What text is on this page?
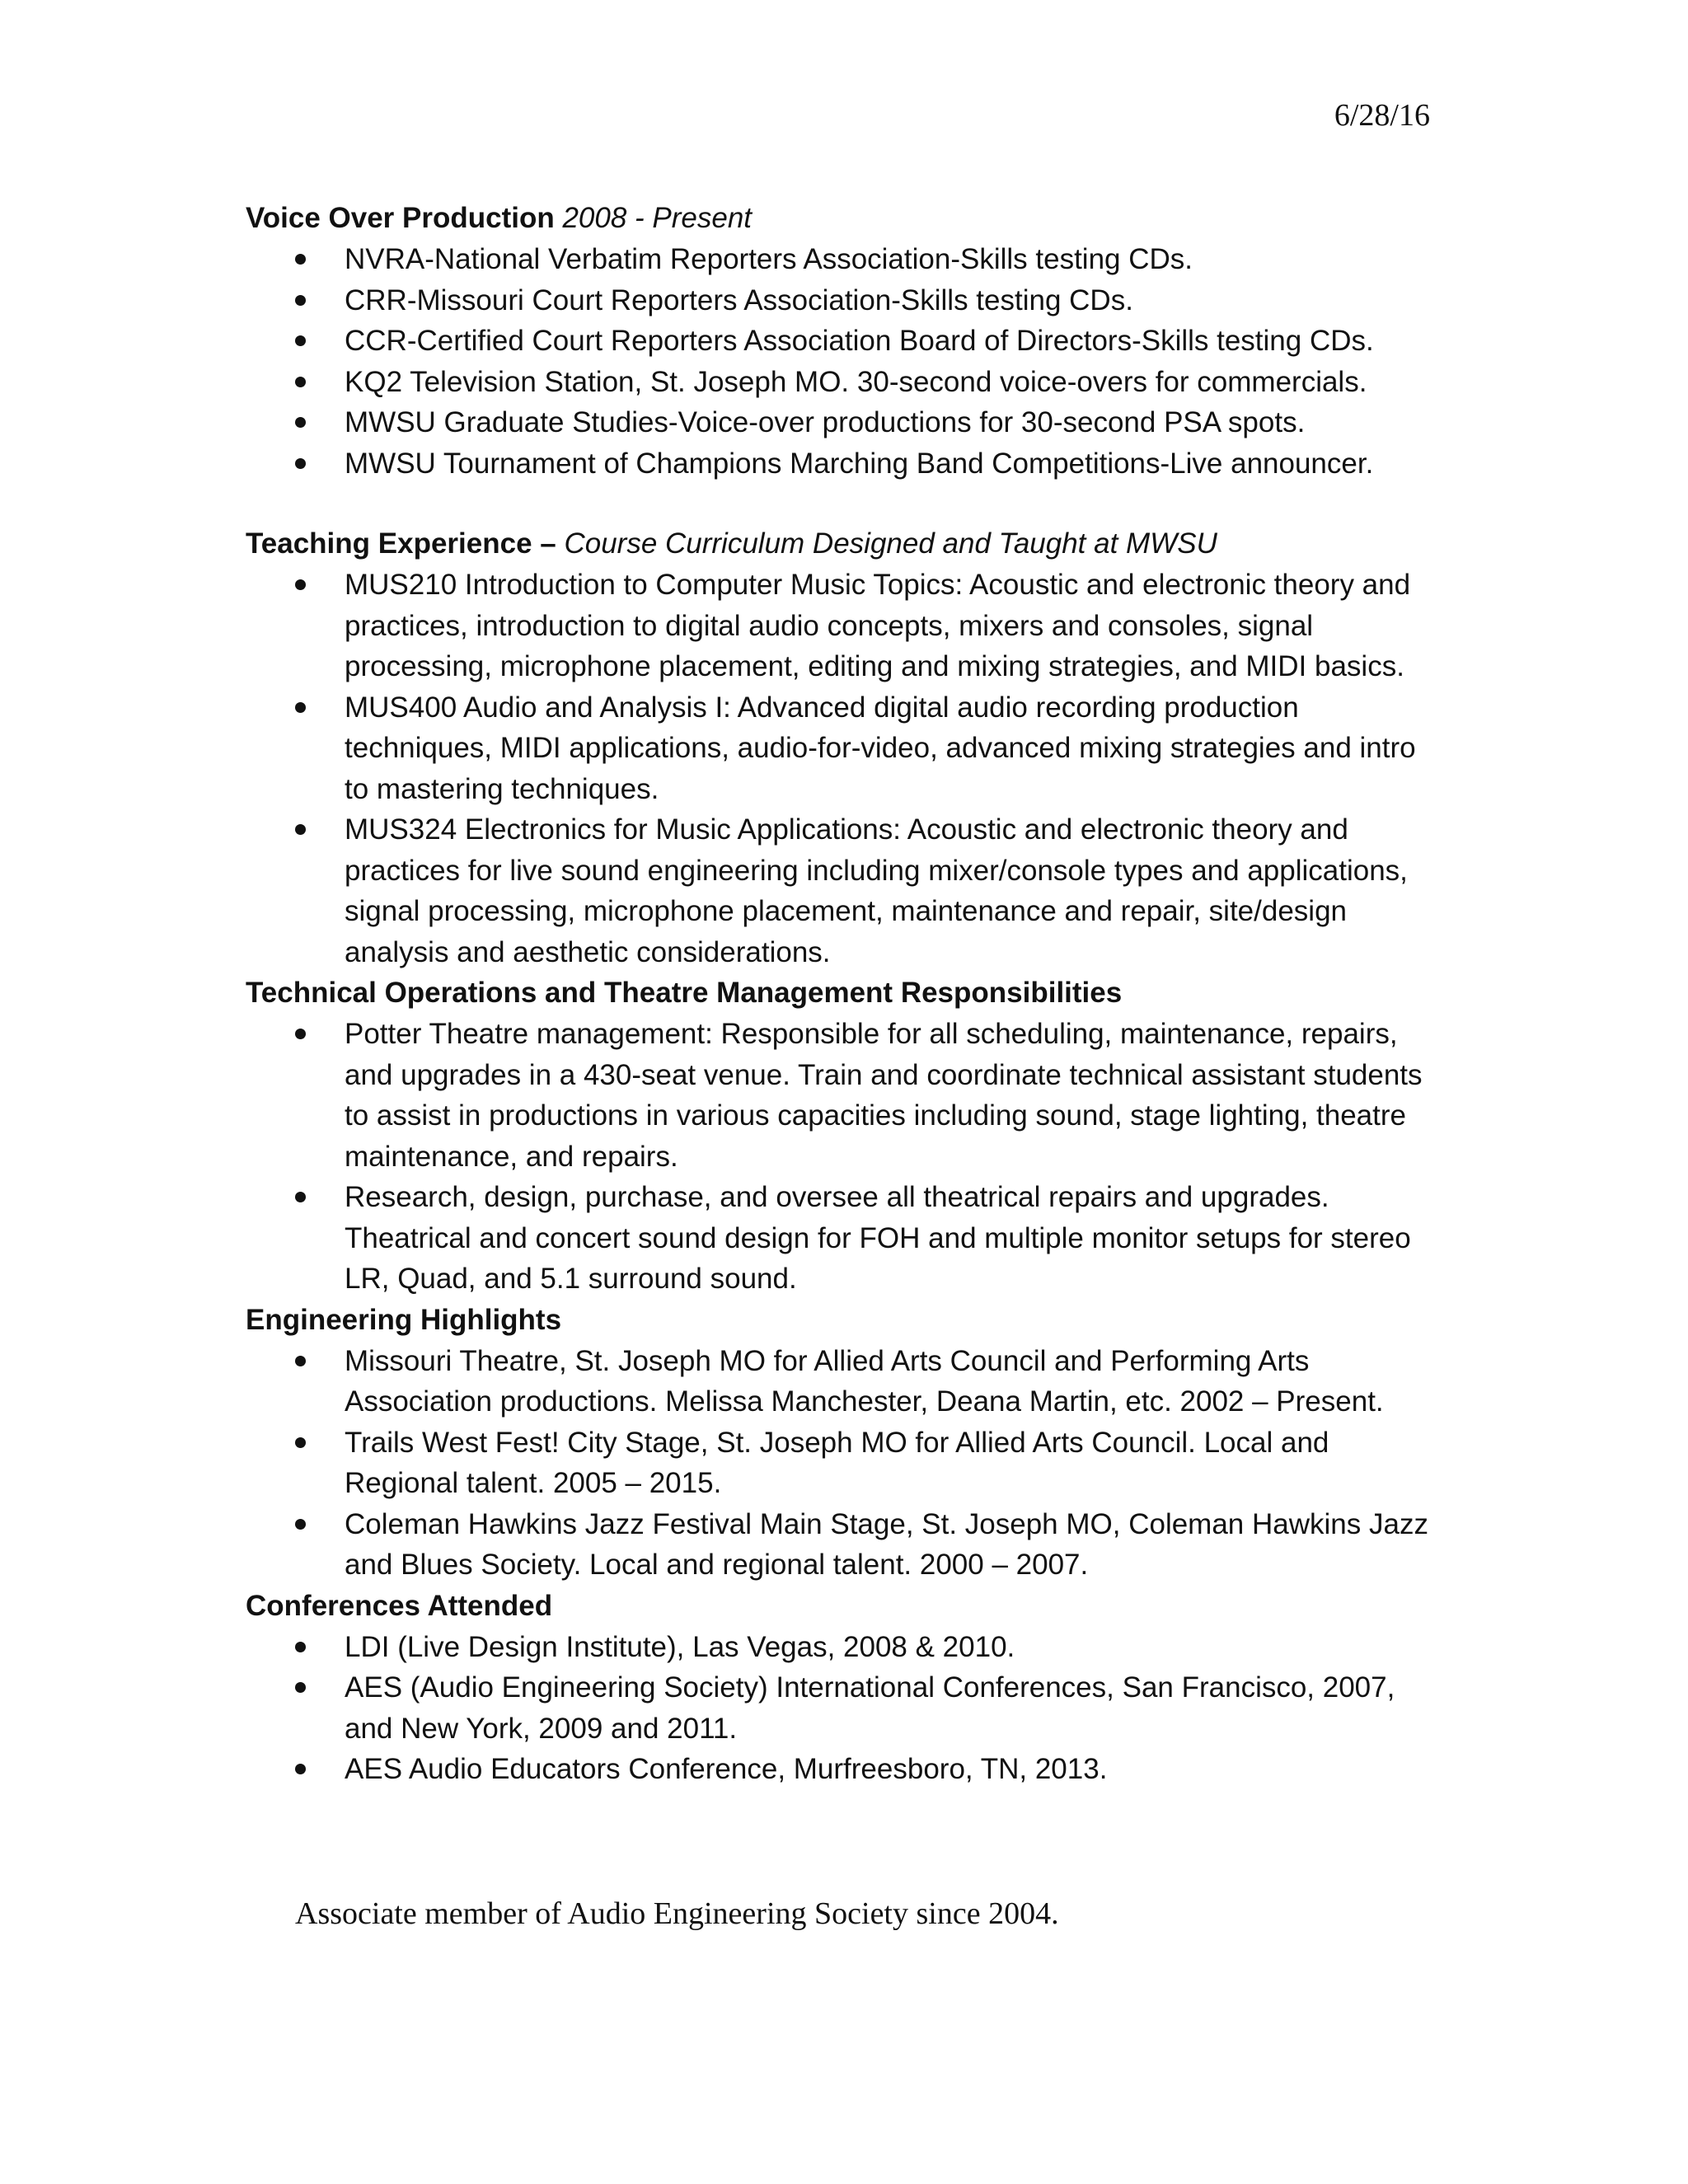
6/28/16

Voice Over Production 2008 - Present

NVRA-National Verbatim Reporters Association-Skills testing CDs.
CRR-Missouri Court Reporters Association-Skills testing CDs.
CCR-Certified Court Reporters Association Board of Directors-Skills testing CDs.
KQ2 Television Station, St. Joseph MO. 30-second voice-overs for commercials.
MWSU Graduate Studies-Voice-over productions for 30-second PSA spots.
MWSU Tournament of Champions Marching Band Competitions-Live announcer.

Teaching Experience – Course Curriculum Designed and Taught at MWSU

MUS210 Introduction to Computer Music Topics: Acoustic and electronic theory and practices, introduction to digital audio concepts, mixers and consoles, signal processing, microphone placement, editing and mixing strategies, and MIDI basics.
MUS400 Audio and Analysis I: Advanced digital audio recording production techniques, MIDI applications, audio-for-video, advanced mixing strategies and intro to mastering techniques.
MUS324 Electronics for Music Applications: Acoustic and electronic theory and practices for live sound engineering including mixer/console types and applications, signal processing, microphone placement, maintenance and repair, site/design analysis and aesthetic considerations.

Technical Operations and Theatre Management Responsibilities

Potter Theatre management: Responsible for all scheduling, maintenance, repairs, and upgrades in a 430-seat venue. Train and coordinate technical assistant students to assist in productions in various capacities including sound, stage lighting, theatre maintenance, and repairs.
Research, design, purchase, and oversee all theatrical repairs and upgrades. Theatrical and concert sound design for FOH and multiple monitor setups for stereo LR, Quad, and 5.1 surround sound.

Engineering Highlights

Missouri Theatre, St. Joseph MO for Allied Arts Council and Performing Arts Association productions. Melissa Manchester, Deana Martin, etc. 2002 – Present.
Trails West Fest! City Stage, St. Joseph MO for Allied Arts Council. Local and Regional talent. 2005 – 2015.
Coleman Hawkins Jazz Festival Main Stage, St. Joseph MO, Coleman Hawkins Jazz and Blues Society. Local and regional talent. 2000 – 2007.

Conferences Attended

LDI (Live Design Institute), Las Vegas, 2008 & 2010.
AES (Audio Engineering Society) International Conferences, San Francisco, 2007, and New York, 2009 and 2011.
AES Audio Educators Conference, Murfreesboro, TN, 2013.
Associate member of Audio Engineering Society since 2004.
